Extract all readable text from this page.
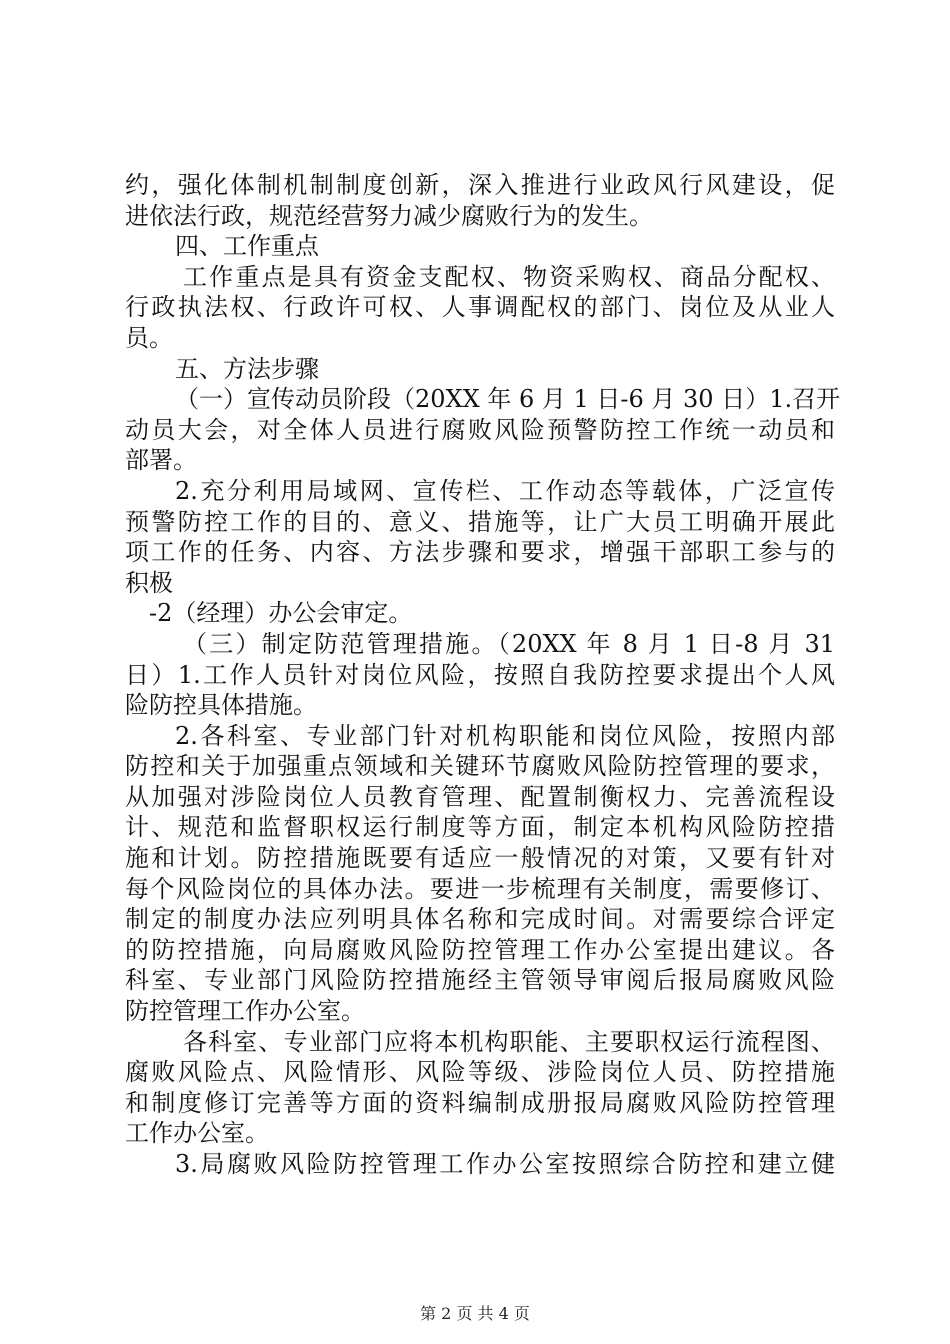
约，强化体制机制制度创新，深入推进行业政风行风建设，促
进依法行政，规范经营努力减少腐败行为的发生。
四、工作重点
工作重点是具有资金支配权、物资采购权、商品分配权、
行政执法权、行政许可权、人事调配权的部门、岗位及从业人
员。
五、方法步骤
（一）宣传动员阶段（20XX 年 6 月 1 日-6 月 30 日）1.召开
动员大会，对全体人员进行腐败风险预警防控工作统一动员和
部署。
2.充分利用局域网、宣传栏、工作动态等载体，广泛宣传
预警防控工作的目的、意义、措施等，让广大员工明确开展此
项工作的任务、内容、方法步骤和要求，增强干部职工参与的
积极
-2（经理）办公会审定。
（三）制定防范管理措施。（20XX 年 8 月 1 日-8 月 31
日）1.工作人员针对岗位风险，按照自我防控要求提出个人风
险防控具体措施。
2.各科室、专业部门针对机构职能和岗位风险，按照内部
防控和关于加强重点领域和关键环节腐败风险防控管理的要求，
从加强对涉险岗位人员教育管理、配置制衡权力、完善流程设
计、规范和监督职权运行制度等方面，制定本机构风险防控措
施和计划。防控措施既要有适应一般情况的对策，又要有针对
每个风险岗位的具体办法。要进一步梳理有关制度，需要修订、
制定的制度办法应列明具体名称和完成时间。对需要综合评定
的防控措施，向局腐败风险防控管理工作办公室提出建议。各
科室、专业部门风险防控措施经主管领导审阅后报局腐败风险
防控管理工作办公室。
各科室、专业部门应将本机构职能、主要职权运行流程图、
腐败风险点、风险情形、风险等级、涉险岗位人员、防控措施
和制度修订完善等方面的资料编制成册报局腐败风险防控管理
工作办公室。
3.局腐败风险防控管理工作办公室按照综合防控和建立健
第 2 页 共 4 页
